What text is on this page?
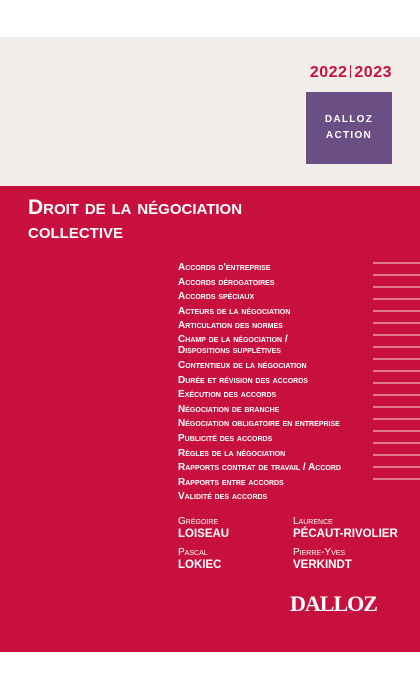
2022 2023
DALLOZ
ACTION
Droit de la négociation
collective
Accords d'entreprise
Accords dérogatoires
Accords spéciaux
Acteurs de la négociation
Articulation des normes
Champ de la négociation /
Dispositions supplétives
Contentieux de la négociation
Durée et révision des accords
Exécution des accords
Négociation de branche
Négociation obligatoire en entreprise
Publicité des accords
Règles de la négociation
Rapports contrat de travail / Accord
Rapports entre accords
Validité des accords
Grégoire
LOISEAU
Laurence
PÉCAUT-RIVOLIER
Pascal
LOKIEC
Pierre-Yves
VERKINDT
DALLOZ
